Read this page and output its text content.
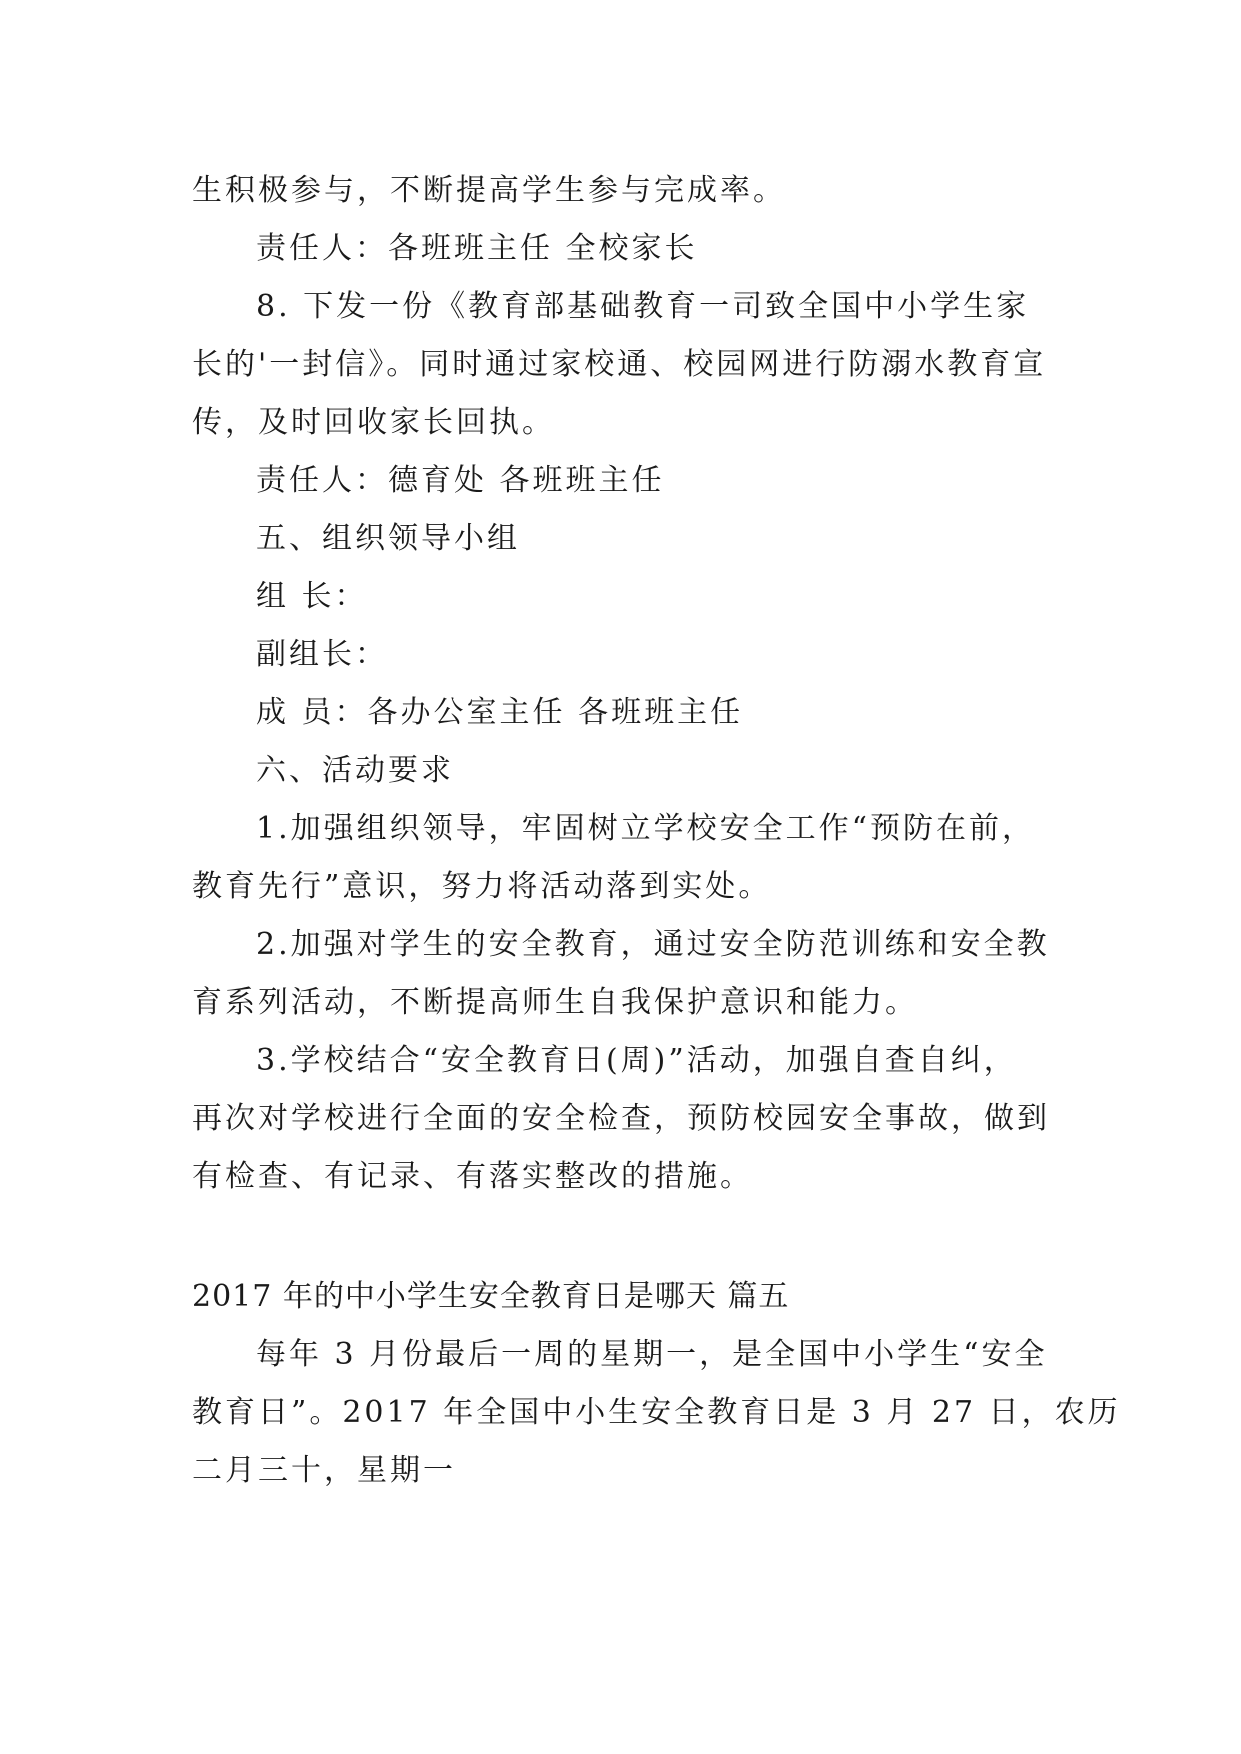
生积极参与，不断提高学生参与完成率。
责任人：各班班主任 全校家长
8. 下发一份《教育部基础教育一司致全国中小学生家
长的'一封信》。同时通过家校通、校园网进行防溺水教育宣
传，及时回收家长回执。
责任人：德育处 各班班主任
五、组织领导小组
组 长：
副组长：
成 员：各办公室主任 各班班主任
六、活动要求
1.加强组织领导，牢固树立学校安全工作“预防在前，
教育先行”意识，努力将活动落到实处。
2.加强对学生的安全教育，通过安全防范训练和安全教
育系列活动，不断提高师生自我保护意识和能力。
3.学校结合“安全教育日(周)”活动，加强自查自纠，
再次对学校进行全面的安全检查，预防校园安全事故，做到
有检查、有记录、有落实整改的措施。
2017 年的中小学生安全教育日是哪天 篇五
每年 3 月份最后一周的星期一，是全国中小学生“安全
教育日”。2017 年全国中小生安全教育日是 3 月 27 日，农历
二月三十，星期一
